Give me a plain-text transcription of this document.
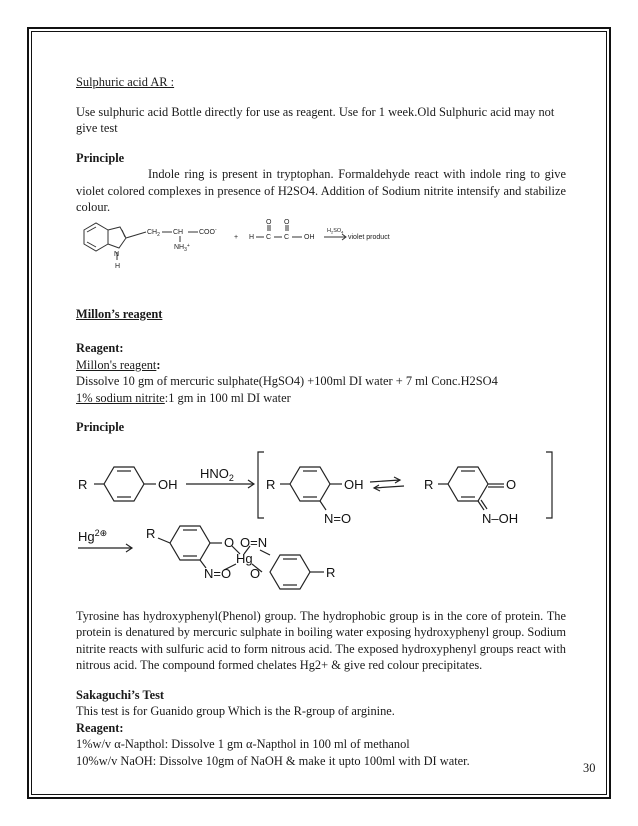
Sulphuric acid AR :

Use sulphuric acid Bottle directly for use as reagent. Use for 1 week.Old Sulphuric acid may not give test

Principle

Indole ring is present in tryptophan. Formaldehyde react with indole ring to give violet colored complexes in presence of H2SO4. Addition of Sodium nitrite intensify and stabilize colour.

N
H
$CH_2$ CH COO-
$NH_3^+$
+
O O
H C C OH
$H_2SO_4$
violet product

Millon’s reagent

Reagent:

Millon's reagent:

Dissolve 10 gm of mercuric sulphate(HgSO4) +100ml DI water + 7 ml Conc.H2SO4

1% sodium nitrite:1 gm in 100 ml DI water

Principle

R	OH
$HNO_2$ R	OH
N=O
R	O
N–OH
$Hg^{2\oplus}$	R
O O=N
Hg
N=O O	R

Tyrosine has hydroxyphenyl(Phenol) group. The hydrophobic group is in the core of protein. The protein is denatured by mercuric sulphate in boiling water exposing hydroxyphenyl group. Sodium nitrite reacts with sulfuric acid to form nitrous acid. The exposed hydroxyphenyl groups react with nitrous acid. The compound formed chelates Hg2+ & give red colour precipitates.

Sakaguchi’s Test

This test is for Guanido group Which is the R-group of arginine.

Reagent:

1%w/v α-Napthol: Dissolve 1 gm α-Napthol in 100 ml of methanol

10%w/v NaOH: Dissolve 10gm of NaOH & make it upto 100ml with DI water.

30
